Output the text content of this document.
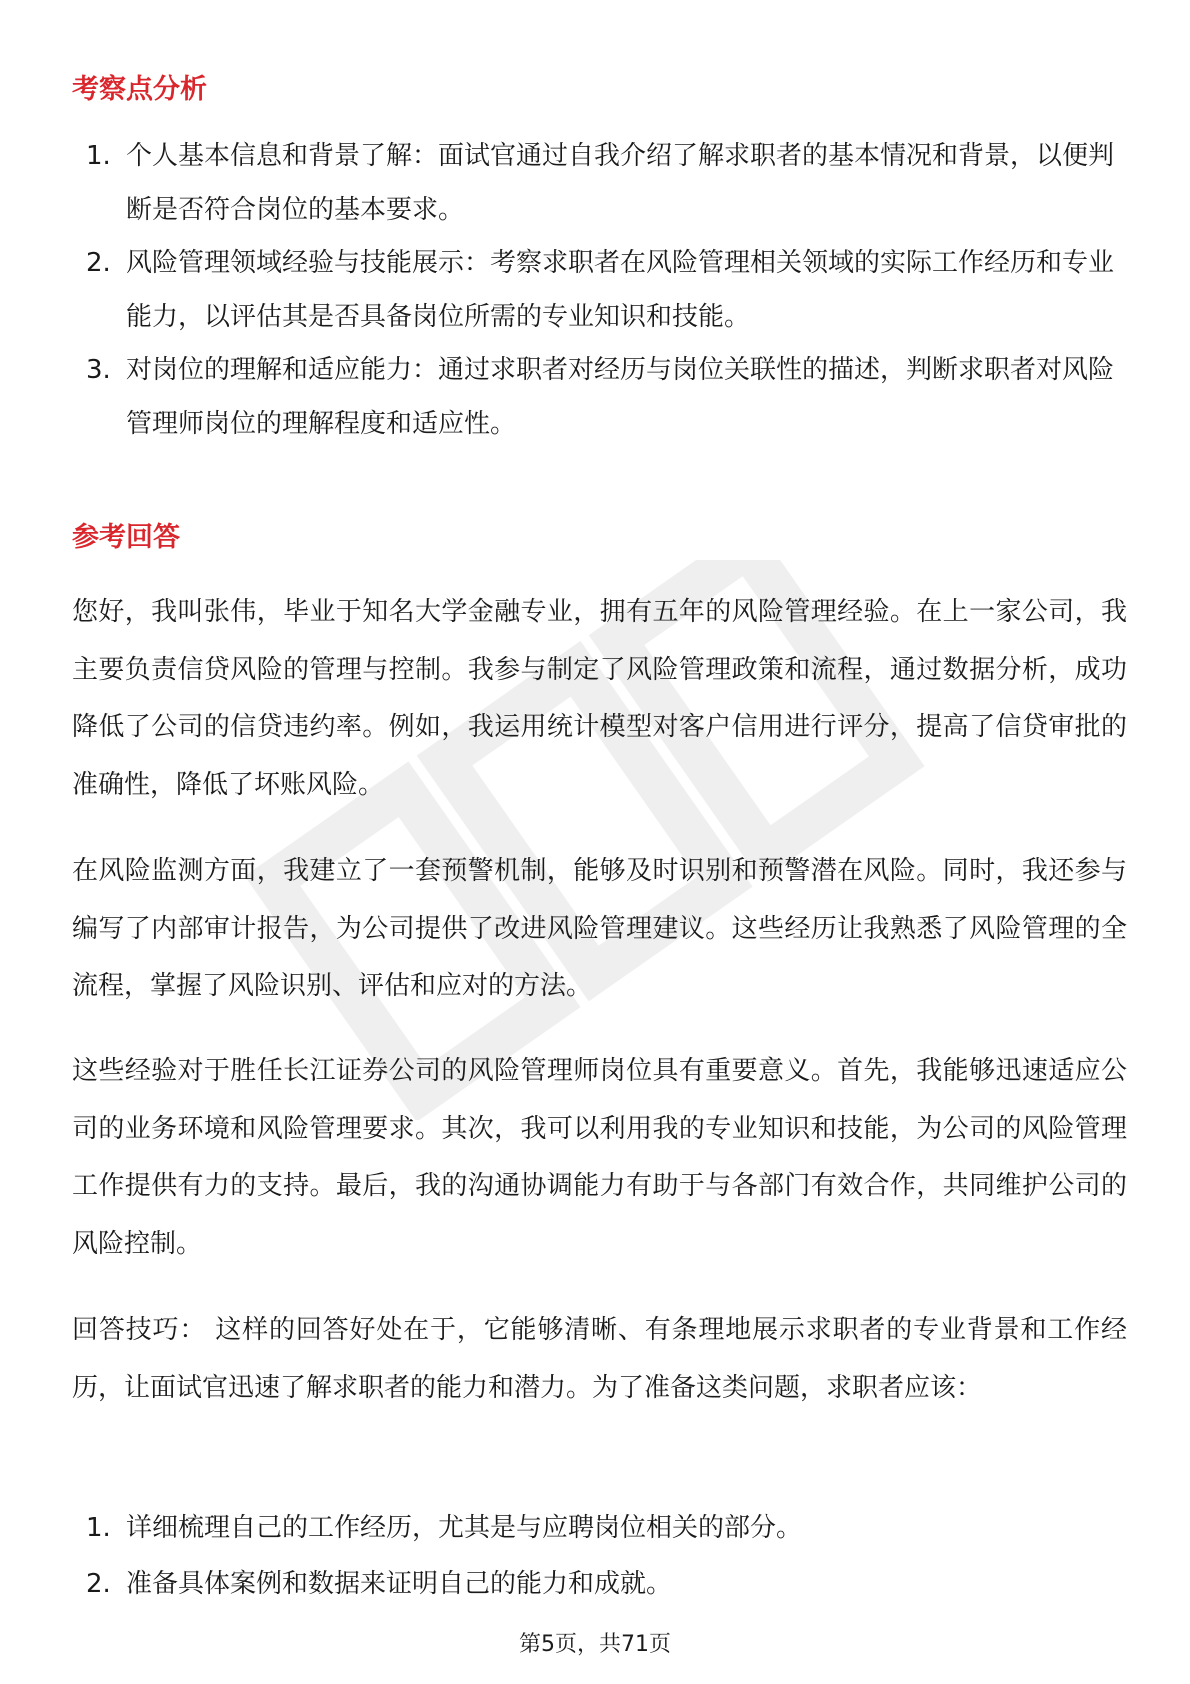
考察点分析
1. 个人基本信息和背景了解：面试官通过自我介绍了解求职者的基本情况和背景，以便判断是否符合岗位的基本要求。
2. 风险管理领域经验与技能展示：考察求职者在风险管理相关领域的实际工作经历和专业能力，以评估其是否具备岗位所需的专业知识和技能。
3. 对岗位的理解和适应能力：通过求职者对经历与岗位关联性的描述，判断求职者对风险管理师岗位的理解程度和适应性。
参考回答

您好，我叫张伟，毕业于知名大学金融专业，拥有五年的风险管理经验。在上一家公司，我主要负责信贷风险的管理与控制。我参与制定了风险管理政策和流程，通过数据分析，成功降低了公司的信贷违约率。例如，我运用统计模型对客户信用进行评分，提高了信贷审批的准确性，降低了坏账风险。

在风险监测方面，我建立了一套预警机制，能够及时识别和预警潜在风险。同时，我还参与编写了内部审计报告，为公司提供了改进风险管理建议。这些经历让我熟悉了风险管理的全流程，掌握了风险识别、评估和应对的方法。

这些经验对于胜任长江证券公司的风险管理师岗位具有重要意义。首先，我能够迅速适应公司的业务环境和风险管理要求。其次，我可以利用我的专业知识和技能，为公司的风险管理工作提供有力的支持。最后，我的沟通协调能力有助于与各部门有效合作，共同维护公司的风险控制。

回答技巧： 这样的回答好处在于，它能够清晰、有条理地展示求职者的专业背景和工作经历，让面试官迅速了解求职者的能力和潜力。为了准备这类问题，求职者应该：

1. 详细梳理自己的工作经历，尤其是与应聘岗位相关的部分。
2. 准备具体案例和数据来证明自己的能力和成就。
第5页，共71页
